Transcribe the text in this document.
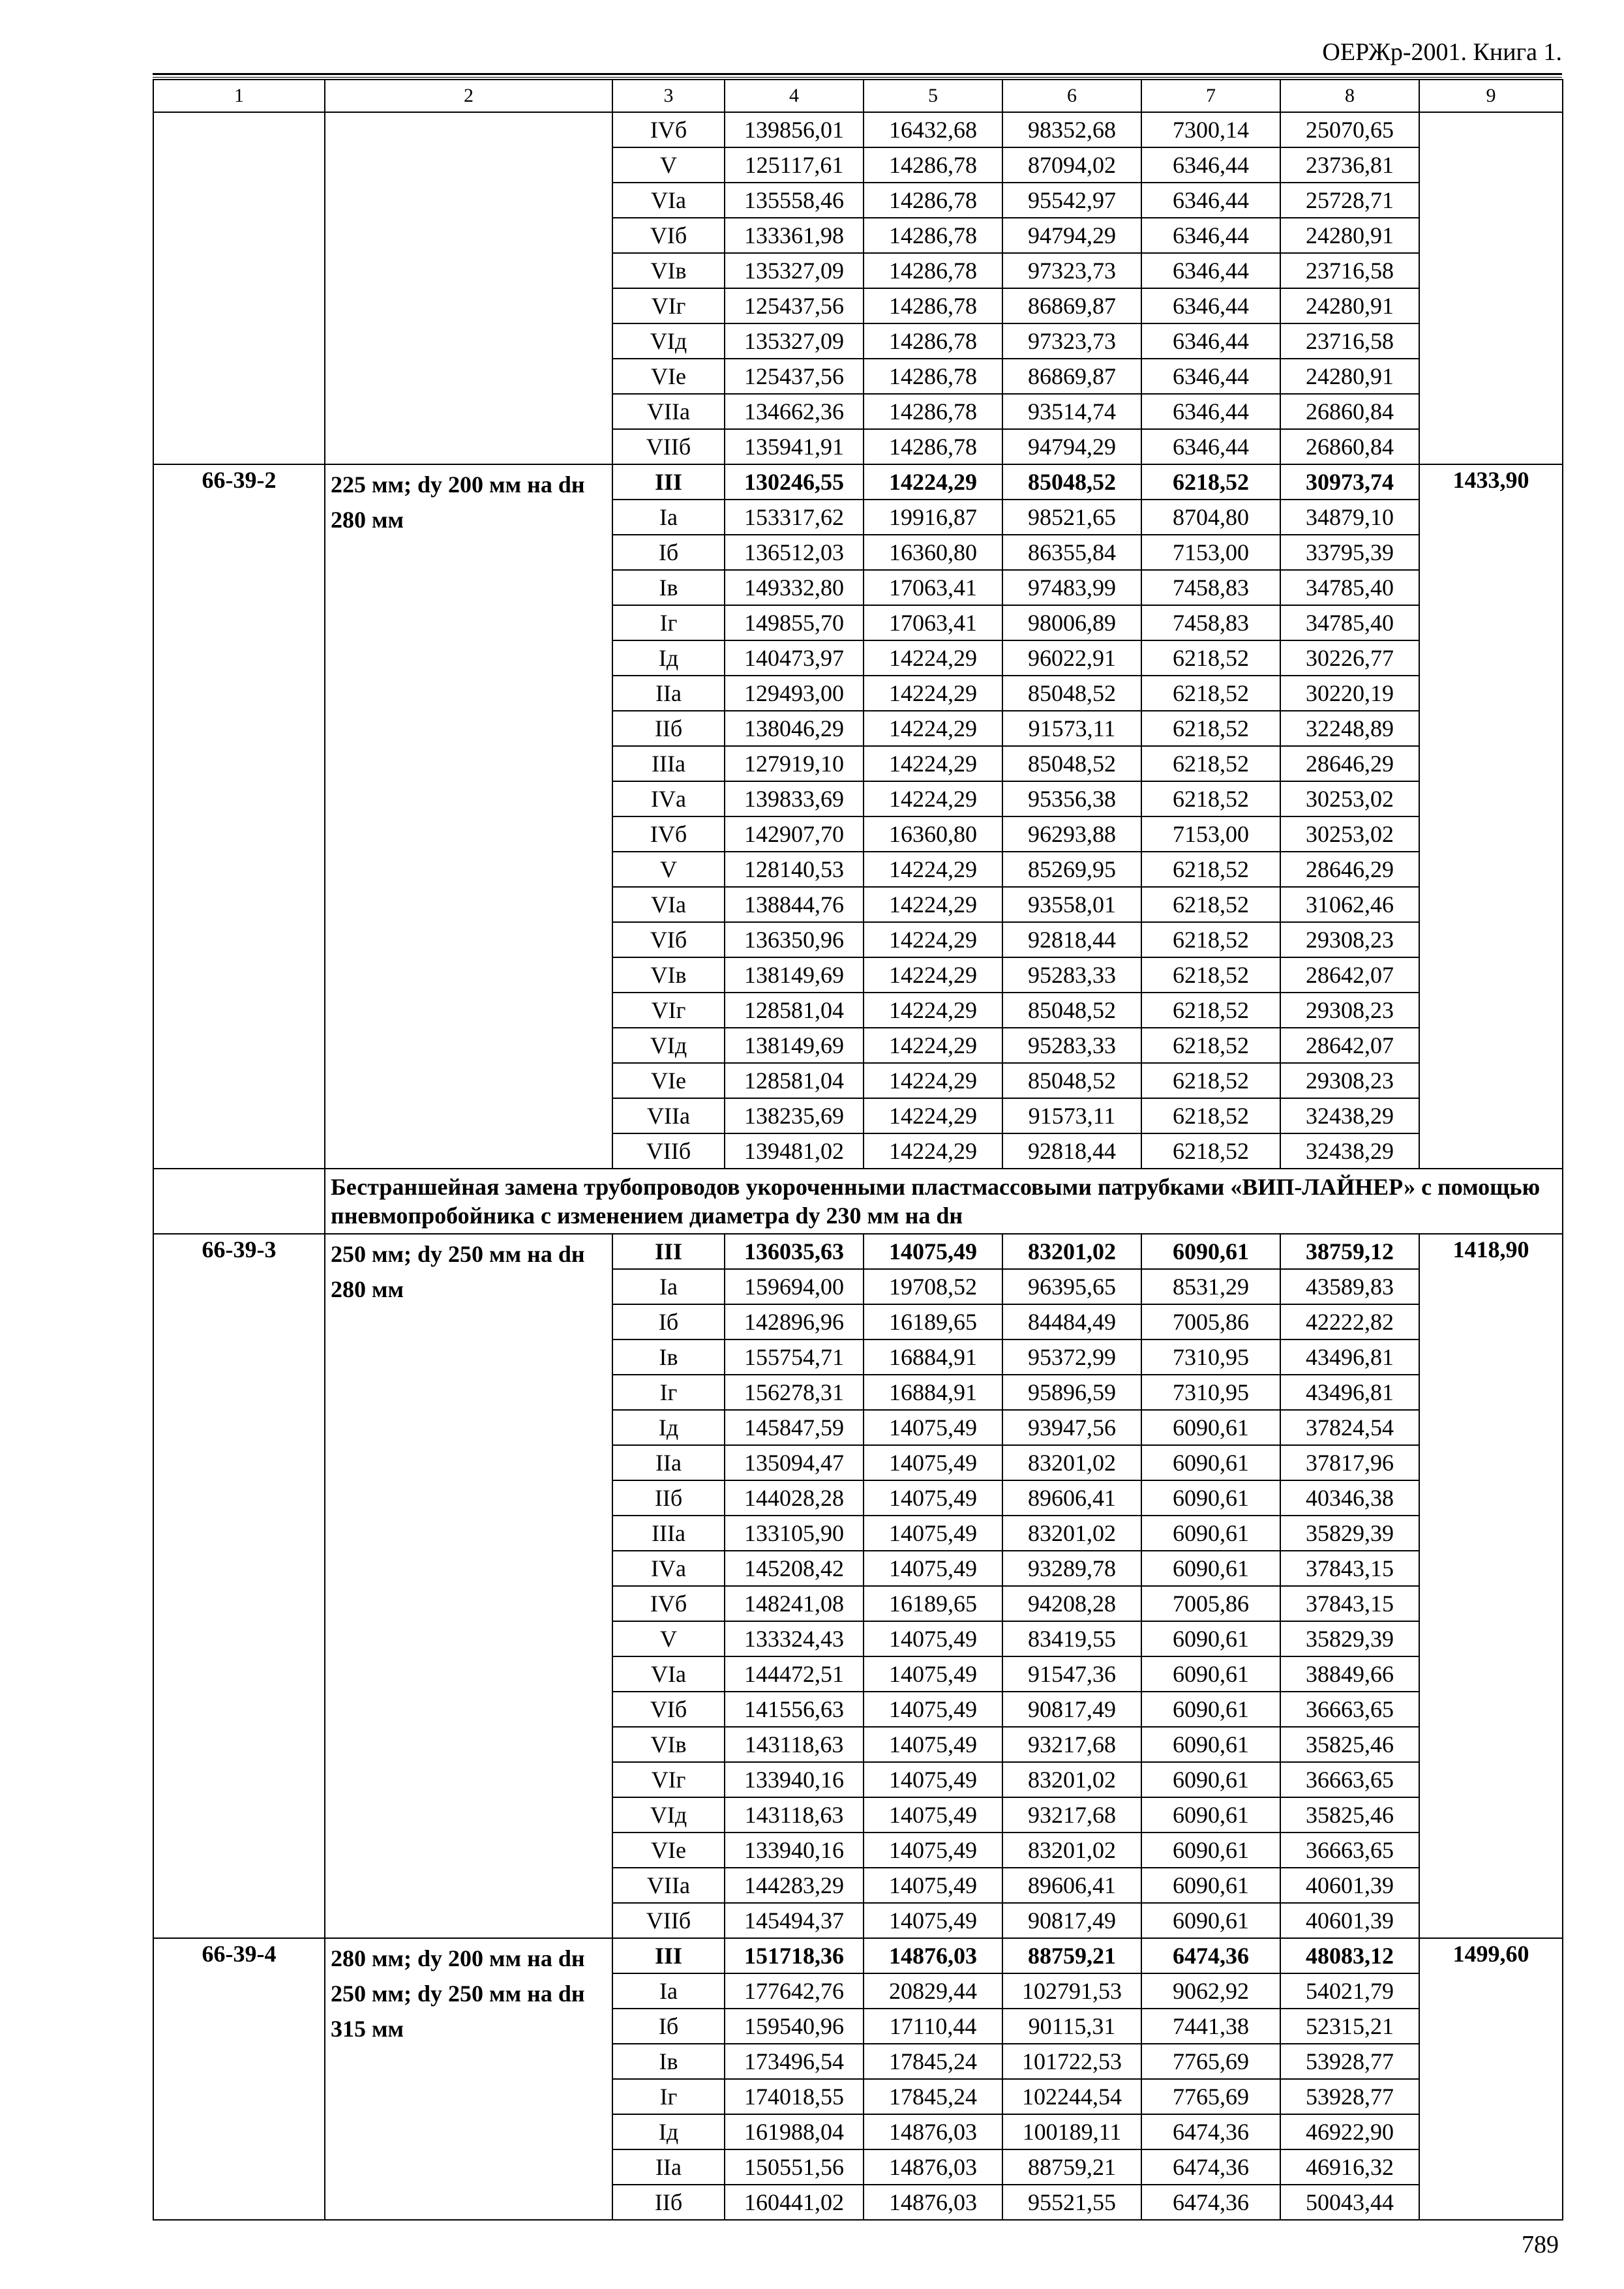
ОЕРЖр-2001. Книга 1.
1	2	3	4	5	6	7	8	9
		IVб	139856,01	16432,68	98352,68	7300,14	25070,65	
		V	125117,61	14286,78	87094,02	6346,44	23736,81	
		VIа	135558,46	14286,78	95542,97	6346,44	25728,71	
		VIб	133361,98	14286,78	94794,29	6346,44	24280,91	
		VIв	135327,09	14286,78	97323,73	6346,44	23716,58	
		VIг	125437,56	14286,78	86869,87	6346,44	24280,91	
		VIд	135327,09	14286,78	97323,73	6346,44	23716,58	
		VIе	125437,56	14286,78	86869,87	6346,44	24280,91	
		VIIа	134662,36	14286,78	93514,74	6346,44	26860,84	
		VIIб	135941,91	14286,78	94794,29	6346,44	26860,84	
66-39-2	225 мм; dу 200 мм на dн 280 мм	III	130246,55	14224,29	85048,52	6218,52	30973,74	1433,90
		Iа	153317,62	19916,87	98521,65	8704,80	34879,10	
		Iб	136512,03	16360,80	86355,84	7153,00	33795,39	
		Iв	149332,80	17063,41	97483,99	7458,83	34785,40	
		Iг	149855,70	17063,41	98006,89	7458,83	34785,40	
		Iд	140473,97	14224,29	96022,91	6218,52	30226,77	
		IIа	129493,00	14224,29	85048,52	6218,52	30220,19	
		IIб	138046,29	14224,29	91573,11	6218,52	32248,89	
		IIIа	127919,10	14224,29	85048,52	6218,52	28646,29	
		IVа	139833,69	14224,29	95356,38	6218,52	30253,02	
		IVб	142907,70	16360,80	96293,88	7153,00	30253,02	
		V	128140,53	14224,29	85269,95	6218,52	28646,29	
		VIа	138844,76	14224,29	93558,01	6218,52	31062,46	
		VIб	136350,96	14224,29	92818,44	6218,52	29308,23	
		VIв	138149,69	14224,29	95283,33	6218,52	28642,07	
		VIг	128581,04	14224,29	85048,52	6218,52	29308,23	
		VIд	138149,69	14224,29	95283,33	6218,52	28642,07	
		VIе	128581,04	14224,29	85048,52	6218,52	29308,23	
		VIIа	138235,69	14224,29	91573,11	6218,52	32438,29	
		VIIб	139481,02	14224,29	92818,44	6218,52	32438,29	
	Бестраншейная замена трубопроводов укороченными пластмассовыми патрубками «ВИП-ЛАЙНЕР» с помощью пневмопробойника с изменением диаметра dу 230 мм на dн							
66-39-3	250 мм; dу 250 мм на dн 280 мм	III	136035,63	14075,49	83201,02	6090,61	38759,12	1418,90
		Iа	159694,00	19708,52	96395,65	8531,29	43589,83	
		Iб	142896,96	16189,65	84484,49	7005,86	42222,82	
		Iв	155754,71	16884,91	95372,99	7310,95	43496,81	
		Iг	156278,31	16884,91	95896,59	7310,95	43496,81	
		Iд	145847,59	14075,49	93947,56	6090,61	37824,54	
		IIа	135094,47	14075,49	83201,02	6090,61	37817,96	
		IIб	144028,28	14075,49	89606,41	6090,61	40346,38	
		IIIа	133105,90	14075,49	83201,02	6090,61	35829,39	
		IVа	145208,42	14075,49	93289,78	6090,61	37843,15	
		IVб	148241,08	16189,65	94208,28	7005,86	37843,15	
		V	133324,43	14075,49	83419,55	6090,61	35829,39	
		VIа	144472,51	14075,49	91547,36	6090,61	38849,66	
		VIб	141556,63	14075,49	90817,49	6090,61	36663,65	
		VIв	143118,63	14075,49	93217,68	6090,61	35825,46	
		VIг	133940,16	14075,49	83201,02	6090,61	36663,65	
		VIд	143118,63	14075,49	93217,68	6090,61	35825,46	
		VIе	133940,16	14075,49	83201,02	6090,61	36663,65	
		VIIа	144283,29	14075,49	89606,41	6090,61	40601,39	
		VIIб	145494,37	14075,49	90817,49	6090,61	40601,39	
66-39-4	280 мм; dу 200 мм на dн 250 мм; dу 250 мм на dн 315 мм	III	151718,36	14876,03	88759,21	6474,36	48083,12	1499,60
		Iа	177642,76	20829,44	102791,53	9062,92	54021,79	
		Iб	159540,96	17110,44	90115,31	7441,38	52315,21	
		Iв	173496,54	17845,24	101722,53	7765,69	53928,77	
		Iг	174018,55	17845,24	102244,54	7765,69	53928,77	
		Iд	161988,04	14876,03	100189,11	6474,36	46922,90	
		IIа	150551,56	14876,03	88759,21	6474,36	46916,32	
		IIб	160441,02	14876,03	95521,55	6474,36	50043,44	
789
